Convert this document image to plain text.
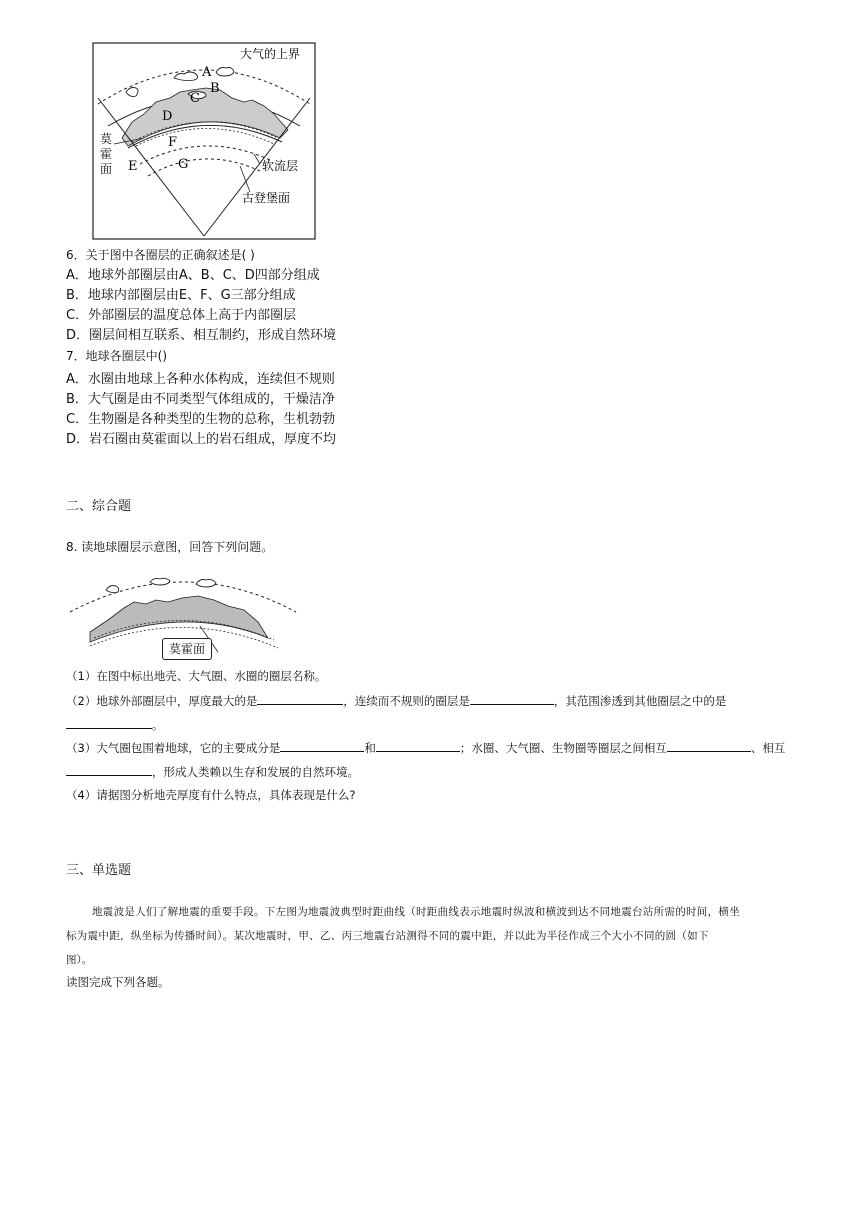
A
B
C
D
E
F
G
大气的上界
软流层
古登堡面
莫
霍
面
6．关于图中各圈层的正确叙述是( )
A．地球外部圈层由A、B、C、D四部分组成
B．地球内部圈层由E、F、G三部分组成
C．外部圈层的温度总体上高于内部圈层
D．圈层间相互联系、相互制约，形成自然环境
7．地球各圈层中()
A．水圈由地球上各种水体构成，连续但不规则
B．大气圈是由不同类型气体组成的，干燥洁净
C．生物圈是各种类型的生物的总称，生机勃勃
D．岩石圈由莫霍面以上的岩石组成，厚度不均
二、综合题
8. 读地球圈层示意图，回答下列问题。
莫霍面
（1）在图中标出地壳、大气圈、水圈的圈层名称。
（2）地球外部圈层中，厚度最大的是	，连续而不规则的圈层是	，其范围渗透到其他圈层之中的是
。
（3）大气圈包围着地球，它的主要成分是	和	；水圈、大气圈、生物圈等圈层之间相互	、相互
，形成人类赖以生存和发展的自然环境。
（4）请据图分析地壳厚度有什么特点，具体表现是什么?
三、单选题
地震波是人们了解地震的重要手段。下左图为地震波典型时距曲线（时距曲线表示地震时纵波和横波到达不同地震台站所需的时间，横坐
标为震中距，纵坐标为传播时间）。某次地震时，甲、乙、丙三地震台站测得不同的震中距，并以此为半径作成三个大小不同的圆（如下
图）。
读图完成下列各题。
